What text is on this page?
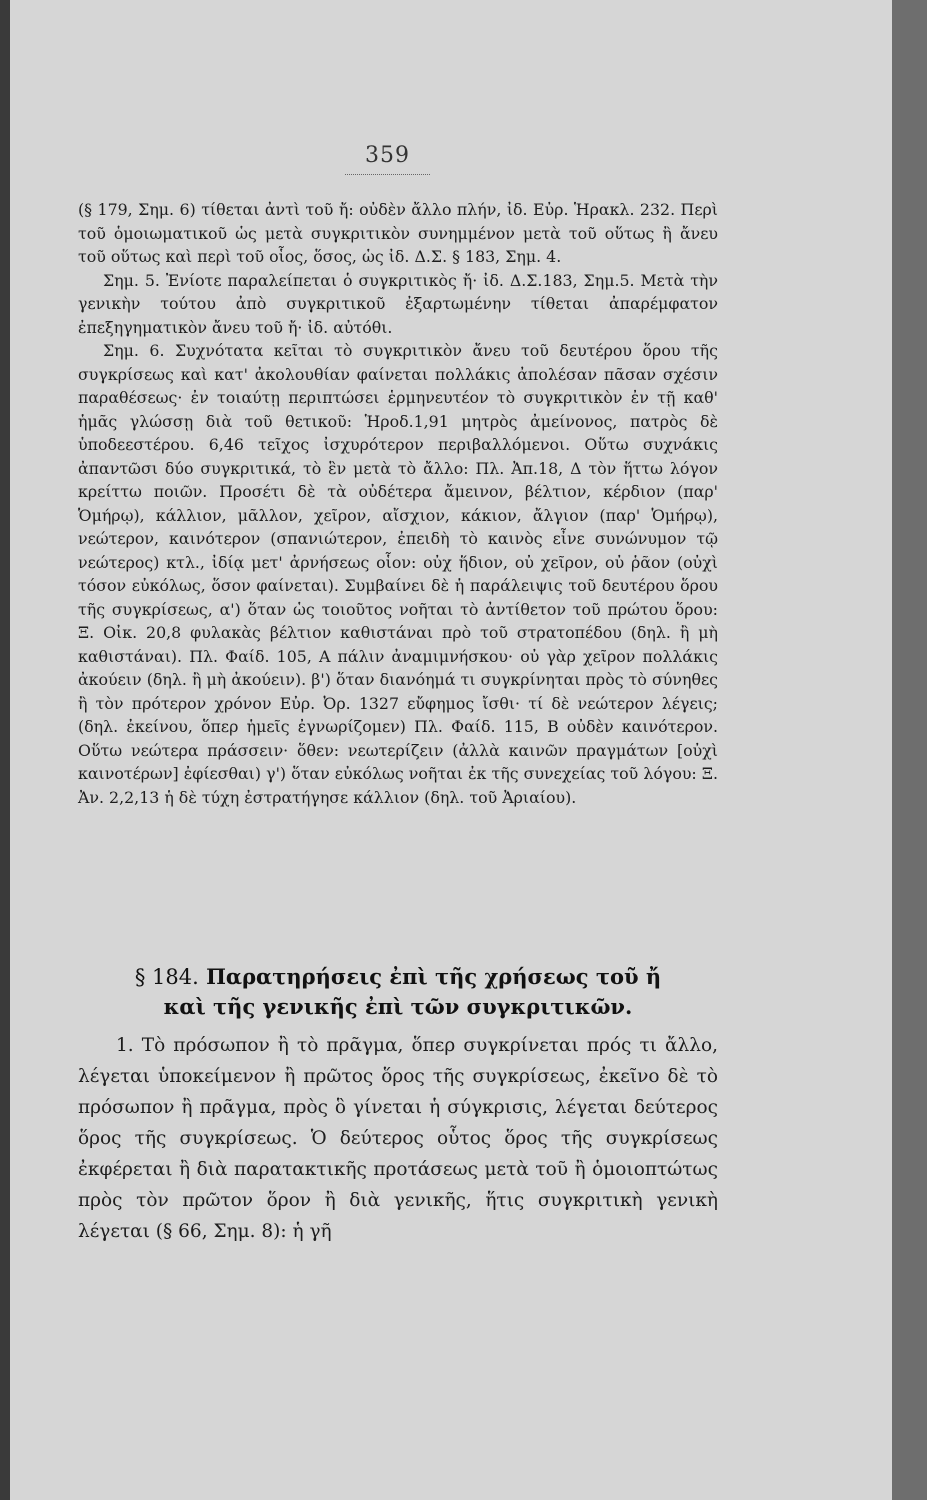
359

(§ 179, Σημ. 6) τίθεται ἀντὶ τοῦ ἤ: οὐδὲν ἄλλο πλήν, ἰδ. Εὐρ. Ἡρακλ. 232. Περὶ τοῦ ὁμοιωματικοῦ ὡς μετὰ συγκριτικὸν συνημμένον μετὰ τοῦ οὕτως ἢ ἄνευ τοῦ οὕτως καὶ περὶ τοῦ οἷος, ὅσος, ὡς ἰδ. Δ.Σ. § 183, Σημ. 4.

Σημ. 5. Ἐνίοτε παραλείπεται ὁ συγκριτικὸς ἤ· ἰδ. Δ.Σ.183, Σημ.5. Μετὰ τὴν γενικὴν τούτου ἀπὸ συγκριτικοῦ ἐξαρτωμένην τίθεται ἀπαρέμφατον ἐπεξηγηματικὸν ἄνευ τοῦ ἤ· ἰδ. αὐτόθι.

Σημ. 6. Συχνότατα κεῖται τὸ συγκριτικὸν ἄνευ τοῦ δευτέρου ὅρου τῆς συγκρίσεως καὶ κατ' ἀκολουθίαν φαίνεται πολλάκις ἀπολέσαν πᾶσαν σχέσιν παραθέσεως· ἐν τοιαύτῃ περιπτώσει ἑρμηνευτέον τὸ συγκριτικὸν ἐν τῇ καθ' ἡμᾶς γλώσσῃ διὰ τοῦ θετικοῦ: Ἡροδ.1,91 μητρὸς ἀμείνονος, πατρὸς δὲ ὑποδεεστέρου. 6,46 τεῖχος ἰσχυρότερον περιβαλλόμενοι. Οὕτω συχνάκις ἀπαντῶσι δύο συγκριτικά, τὸ ἓν μετὰ τὸ ἄλλο: Πλ. Ἀπ.18, Δ τὸν ἥττω λόγον κρείττω ποιῶν. Προσέτι δὲ τὰ οὐδέτερα ἄμεινον, βέλτιον, κέρδιον (παρ' Ὁμήρῳ), κάλλιον, μᾶλλον, χεῖρον, αἴσχιον, κάκιον, ἄλγιον (παρ' Ὁμήρῳ), νεώτερον, καινότερον (σπανιώτερον, ἐπειδὴ τὸ καινὸς εἶνε συνώνυμον τῷ νεώτερος) κτλ., ἰδίᾳ μετ' ἀρνήσεως οἷον: οὐχ ἥδιον, οὐ χεῖρον, οὐ ῥᾶον (οὐχὶ τόσον εὐκόλως, ὅσον φαίνεται). Συμβαίνει δὲ ἡ παράλειψις τοῦ δευτέρου ὅρου τῆς συγκρίσεως, α') ὅταν ὡς τοιοῦτος νοῆται τὸ ἀντίθετον τοῦ πρώτου ὅρου: Ξ. Οἰκ. 20,8 φυλακὰς βέλτιον καθιστάναι πρὸ τοῦ στρατοπέδου (δηλ. ἢ μὴ καθιστάναι). Πλ. Φαίδ. 105, Α πάλιν ἀναμιμνήσκου· οὐ γὰρ χεῖρον πολλάκις ἀκούειν (δηλ. ἢ μὴ ἀκούειν). β') ὅταν διανόημά τι συγκρίνηται πρὸς τὸ σύνηθες ἢ τὸν πρότερον χρόνον Εὐρ. Ὀρ. 1327 εὔφημος ἴσθι· τί δὲ νεώτερον λέγεις; (δηλ. ἐκείνου, ὅπερ ἡμεῖς ἐγνωρίζομεν) Πλ. Φαίδ. 115, Β οὐδὲν καινότερον. Οὕτω νεώτερα πράσσειν· ὅθεν: νεωτερίζειν (ἀλλὰ καινῶν πραγμάτων [οὐχὶ καινοτέρων] ἐφίεσθαι) γ') ὅταν εὐκόλως νοῆται ἐκ τῆς συνεχείας τοῦ λόγου: Ξ. Ἀν. 2,2,13 ἡ δὲ τύχη ἐστρατήγησε κάλλιον (δηλ. τοῦ Ἀριαίου).

§ 184. Παρατηρήσεις ἐπὶ τῆς χρήσεως τοῦ ἤ
καὶ τῆς γενικῆς ἐπὶ τῶν συγκριτικῶν.

1. Τὸ πρόσωπον ἢ τὸ πρᾶγμα, ὅπερ συγκρίνεται πρός τι ἄλλο, λέγεται ὑποκείμενον ἢ πρῶτος ὅρος τῆς συγκρίσεως, ἐκεῖνο δὲ τὸ πρόσωπον ἢ πρᾶγμα, πρὸς ὃ γίνεται ἡ σύγκρισις, λέγεται δεύτερος ὅρος τῆς συγκρίσεως. Ὁ δεύτερος οὗτος ὅρος τῆς συγκρίσεως ἐκφέρεται ἢ διὰ παρατακτικῆς προτάσεως μετὰ τοῦ ἢ ὁμοιοπτώτως πρὸς τὸν πρῶτον ὅρον ἢ διὰ γενικῆς, ἥτις συγκριτικὴ γενικὴ λέγεται (§ 66, Σημ. 8): ἡ γῆ
